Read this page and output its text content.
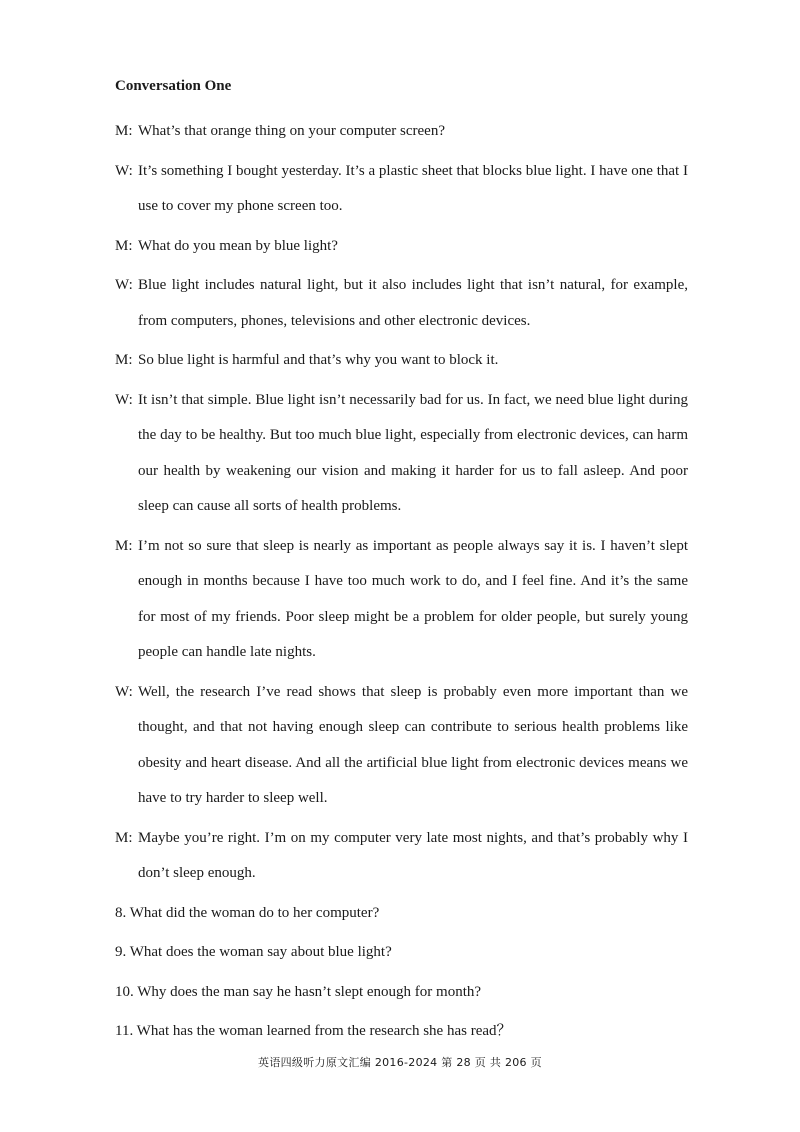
Conversation One
M: What’s that orange thing on your computer screen?
W: It’s something I bought yesterday. It’s a plastic sheet that blocks blue light. I have one that I use to cover my phone screen too.
M: What do you mean by blue light?
W: Blue light includes natural light, but it also includes light that isn’t natural, for example, from computers, phones, televisions and other electronic devices.
M: So blue light is harmful and that’s why you want to block it.
W: It isn’t that simple. Blue light isn’t necessarily bad for us. In fact, we need blue light during the day to be healthy. But too much blue light, especially from electronic devices, can harm our health by weakening our vision and making it harder for us to fall asleep. And poor sleep can cause all sorts of health problems.
M: I’m not so sure that sleep is nearly as important as people always say it is. I haven’t slept enough in months because I have too much work to do, and I feel fine. And it’s the same for most of my friends. Poor sleep might be a problem for older people, but surely young people can handle late nights.
W: Well, the research I’ve read shows that sleep is probably even more important than we thought, and that not having enough sleep can contribute to serious health problems like obesity and heart disease. And all the artificial blue light from electronic devices means we have to try harder to sleep well.
M: Maybe you’re right. I’m on my computer very late most nights, and that’s probably why I don’t sleep enough.
8. What did the woman do to her computer?
9. What does the woman say about blue light?
10. Why does the man say he hasn’t slept enough for month?
11. What has the woman learned from the research she has read？
英语四级听力原文汇编 2016-2024 第 28 页 共 206 页
